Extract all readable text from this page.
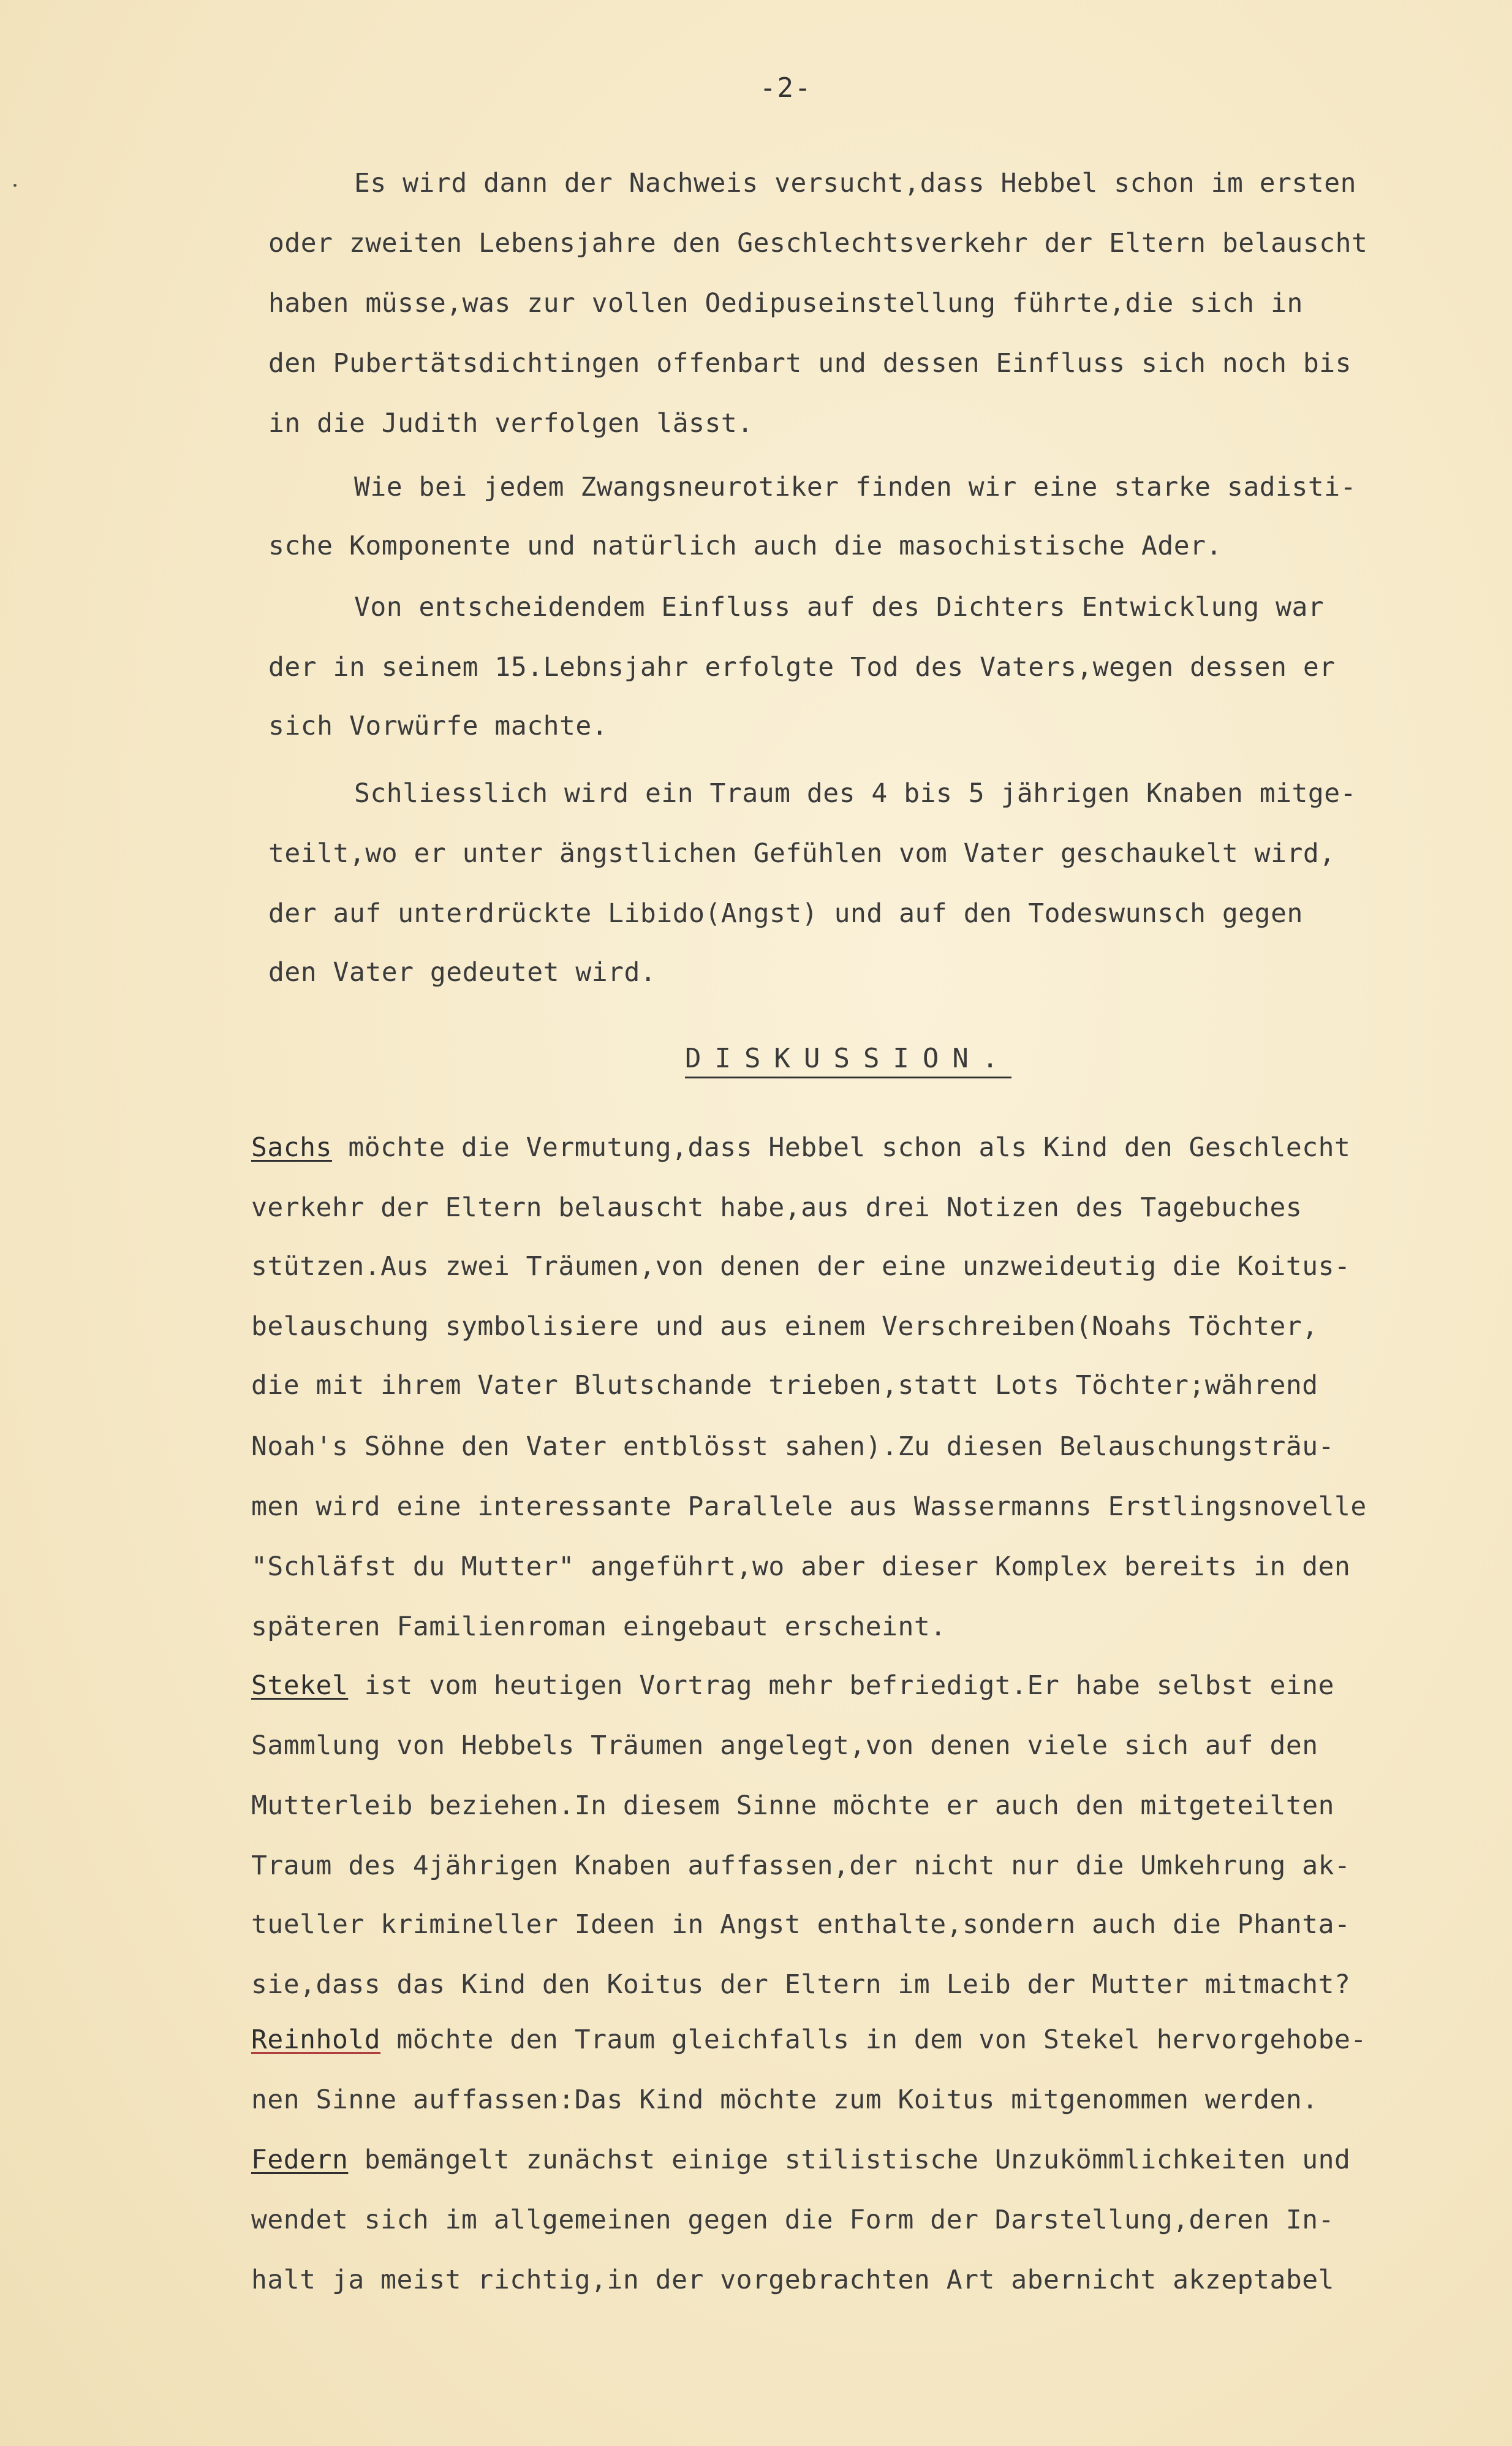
-2-
Es wird dann der Nachweis versucht,dass Hebbel schon im ersten
oder zweiten Lebensjahre den Geschlechtsverkehr der Eltern belauscht
haben müsse,was zur vollen Oedipuseinstellung führte,die sich in
den Pubertätsdichtingen offenbart und dessen Einfluss sich noch bis
in die Judith verfolgen lässt.
Wie bei jedem Zwangsneurotiker finden wir eine starke sadisti-
sche Komponente und natürlich auch die masochistische Ader.
Von entscheidendem Einfluss auf des Dichters Entwicklung war
der in seinem 15.Lebnsjahr erfolgte Tod des Vaters,wegen dessen er
sich Vorwürfe machte.
Schliesslich wird ein Traum des 4 bis 5 jährigen Knaben mitge-
teilt,wo er unter ängstlichen Gefühlen vom Vater geschaukelt wird,
der auf unterdrückte Libido(Angst) und auf den Todeswunsch gegen
den Vater gedeutet wird.
DISKUSSION.
Sachs möchte die Vermutung,dass Hebbel schon als Kind den Geschlecht
verkehr der Eltern belauscht habe,aus drei Notizen des Tagebuches
stützen.Aus zwei Träumen,von denen der eine unzweideutig die Koitus-
belauschung symbolisiere und aus einem Verschreiben(Noahs Töchter,
die mit ihrem Vater Blutschande trieben,statt Lots Töchter;während
Noah's Söhne den Vater entblösst sahen).Zu diesen Belauschungsträu-
men wird eine interessante Parallele aus Wassermanns Erstlingsnovelle
"Schläfst du Mutter" angeführt,wo aber dieser Komplex bereits in den
späteren Familienroman eingebaut erscheint.
Stekel ist vom heutigen Vortrag mehr befriedigt.Er habe selbst eine
Sammlung von Hebbels Träumen angelegt,von denen viele sich auf den
Mutterleib beziehen.In diesem Sinne möchte er auch den mitgeteilten
Traum des 4jährigen Knaben auffassen,der nicht nur die Umkehrung ak-
tueller krimineller Ideen in Angst enthalte,sondern auch die Phanta-
sie,dass das Kind den Koitus der Eltern im Leib der Mutter mitmacht?
Reinhold möchte den Traum gleichfalls in dem von Stekel hervorgehobe-
nen Sinne auffassen:Das Kind möchte zum Koitus mitgenommen werden.
Federn bemängelt zunächst einige stilistische Unzukömmlichkeiten und
wendet sich im allgemeinen gegen die Form der Darstellung,deren In-
halt ja meist richtig,in der vorgebrachten Art abernicht akzeptabel
